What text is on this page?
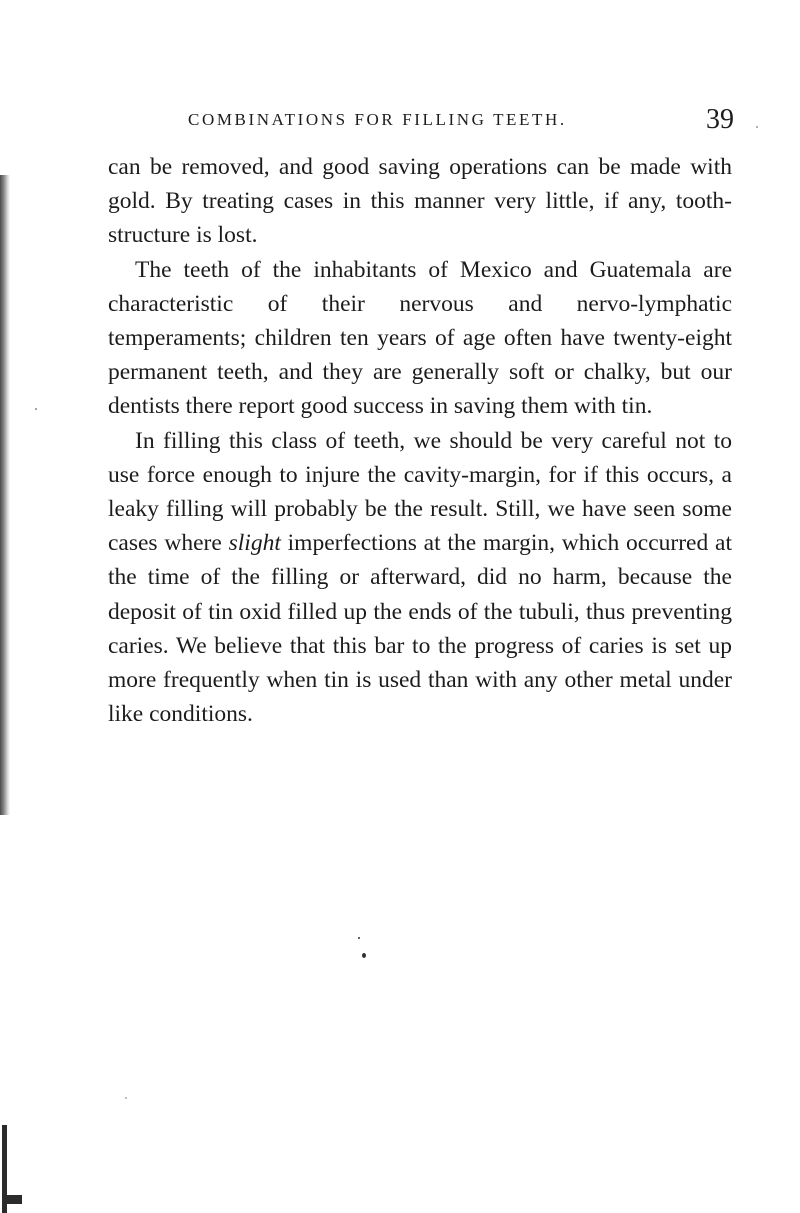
COMBINATIONS FOR FILLING TEETH.	39

can be removed, and good saving operations can be made with gold. By treating cases in this manner very little, if any, tooth-structure is lost.

The teeth of the inhabitants of Mexico and Guatemala are characteristic of their nervous and nervo-lymphatic temperaments; children ten years of age often have twenty-eight permanent teeth, and they are generally soft or chalky, but our dentists there report good success in saving them with tin.

In filling this class of teeth, we should be very careful not to use force enough to injure the cavity-margin, for if this occurs, a leaky filling will probably be the result. Still, we have seen some cases where slight imperfections at the margin, which occurred at the time of the filling or afterward, did no harm, because the deposit of tin oxid filled up the ends of the tubuli, thus preventing caries. We believe that this bar to the progress of caries is set up more frequently when tin is used than with any other metal under like conditions.
